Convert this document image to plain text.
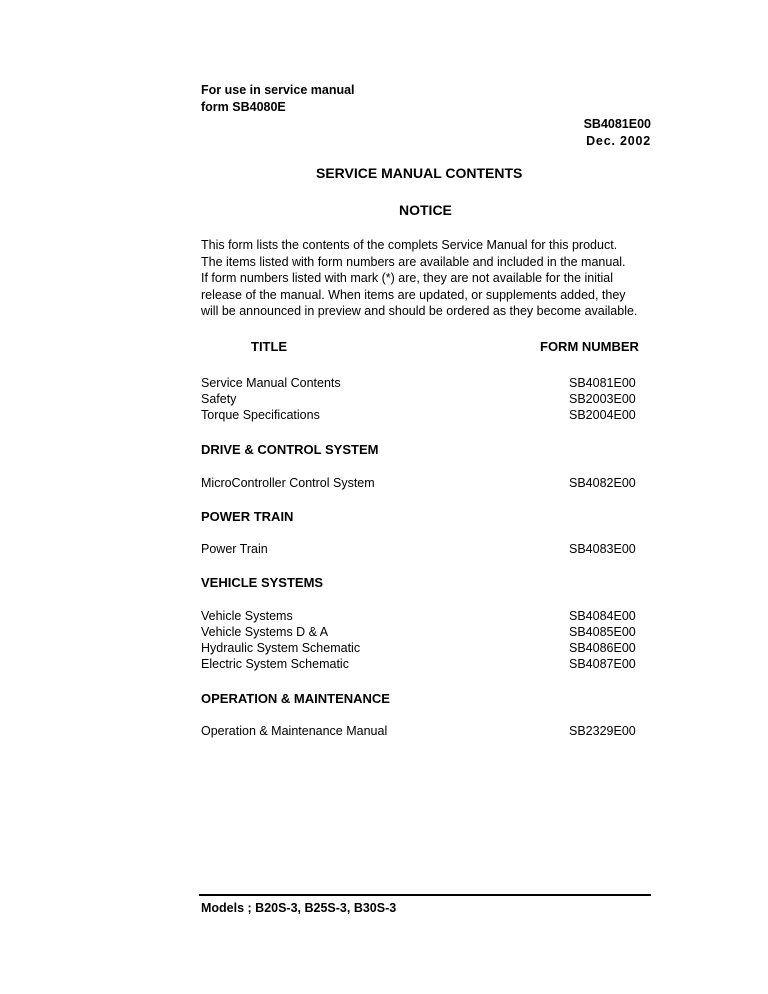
For use in service manual
form SB4080E
SB4081E00
Dec. 2002
SERVICE MANUAL CONTENTS
NOTICE
This form lists the contents of the complets Service Manual for this product.
The items listed with form numbers are available and included in the manual.
If form numbers listed with mark (*) are, they are not available for the initial
release of the manual. When items are updated, or supplements added, they
will be announced in preview and should be ordered as they become available.
TITLE	FORM NUMBER
Service Manual Contents	SB4081E00
Safety	SB2003E00
Torque Specifications	SB2004E00
DRIVE & CONTROL SYSTEM
MicroController Control System	SB4082E00
POWER TRAIN
Power Train	SB4083E00
VEHICLE SYSTEMS
Vehicle Systems	SB4084E00
Vehicle Systems D & A	SB4085E00
Hydraulic System Schematic	SB4086E00
Electric System Schematic	SB4087E00
OPERATION & MAINTENANCE
Operation & Maintenance Manual	SB2329E00
Models ; B20S-3, B25S-3, B30S-3
